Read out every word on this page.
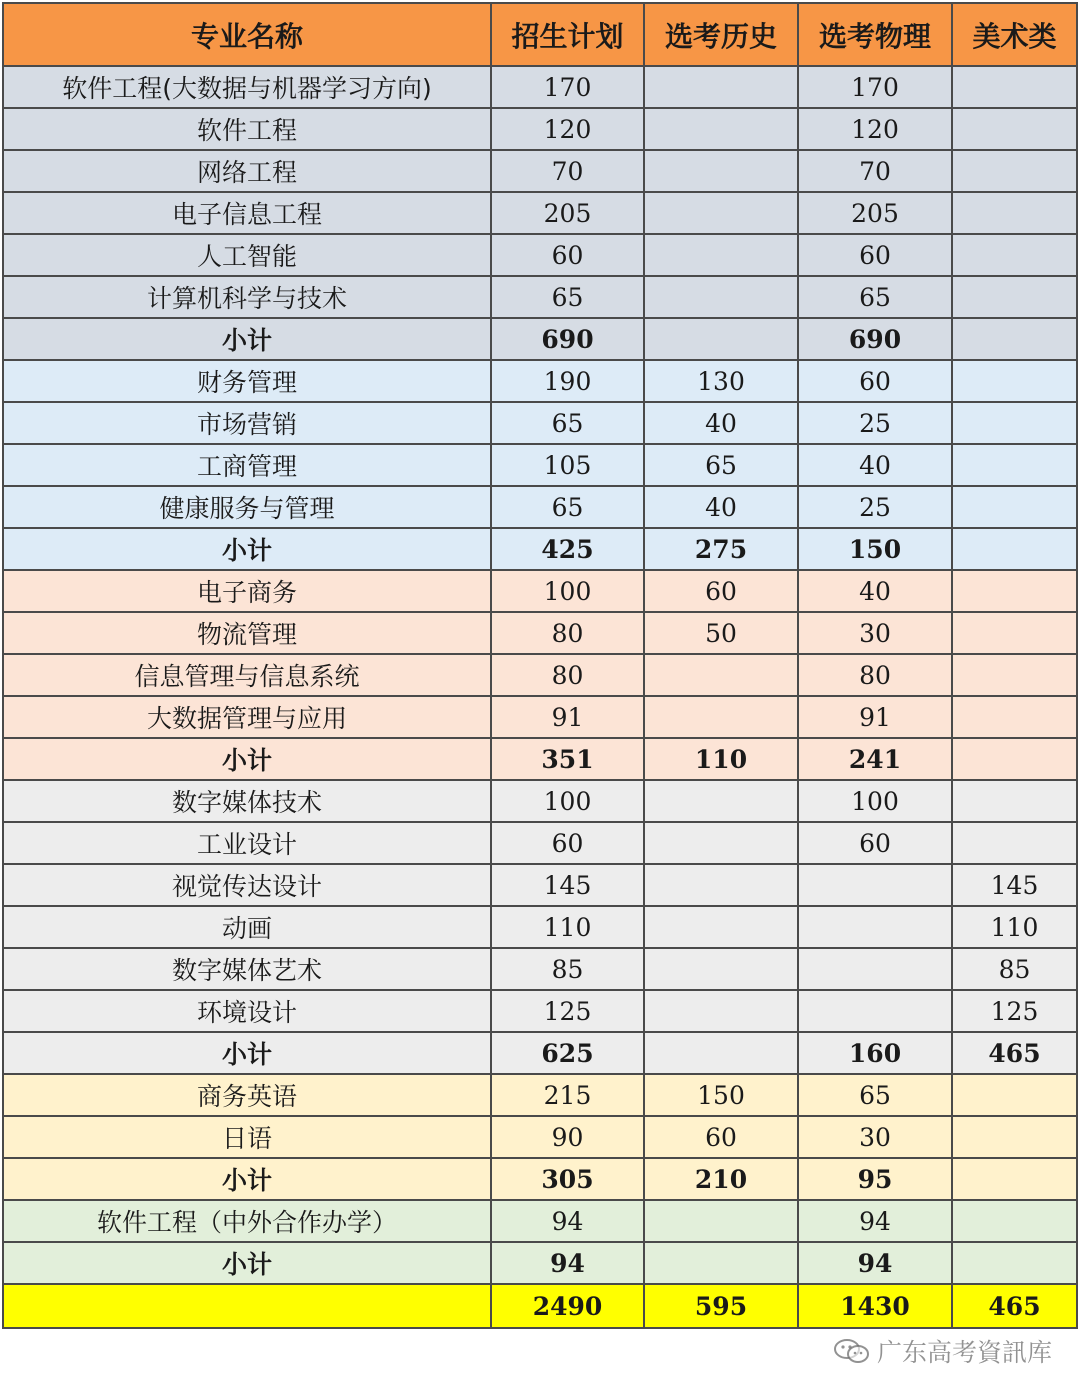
专业名称	招生计划	选考历史	选考物理	美术类
软件工程(大数据与机器学习方向)	170		170	
软件工程	120		120	
网络工程	70		70	
电子信息工程	205		205	
人工智能	60		60	
计算机科学与技术	65		65	
小计	690		690	
财务管理	190	130	60	
市场营销	65	40	25	
工商管理	105	65	40	
健康服务与管理	65	40	25	
小计	425	275	150	
电子商务	100	60	40	
物流管理	80	50	30	
信息管理与信息系统	80		80	
大数据管理与应用	91		91	
小计	351	110	241	
数字媒体技术	100		100	
工业设计	60		60	
视觉传达设计	145			145
动画	110			110
数字媒体艺术	85			85
环境设计	125			125
小计	625		160	465
商务英语	215	150	65	
日语	90	60	30	
小计	305	210	95	
软件工程（中外合作办学）	94		94	
小计	94		94	
	2490	595	1430	465
广东高考資訊库
